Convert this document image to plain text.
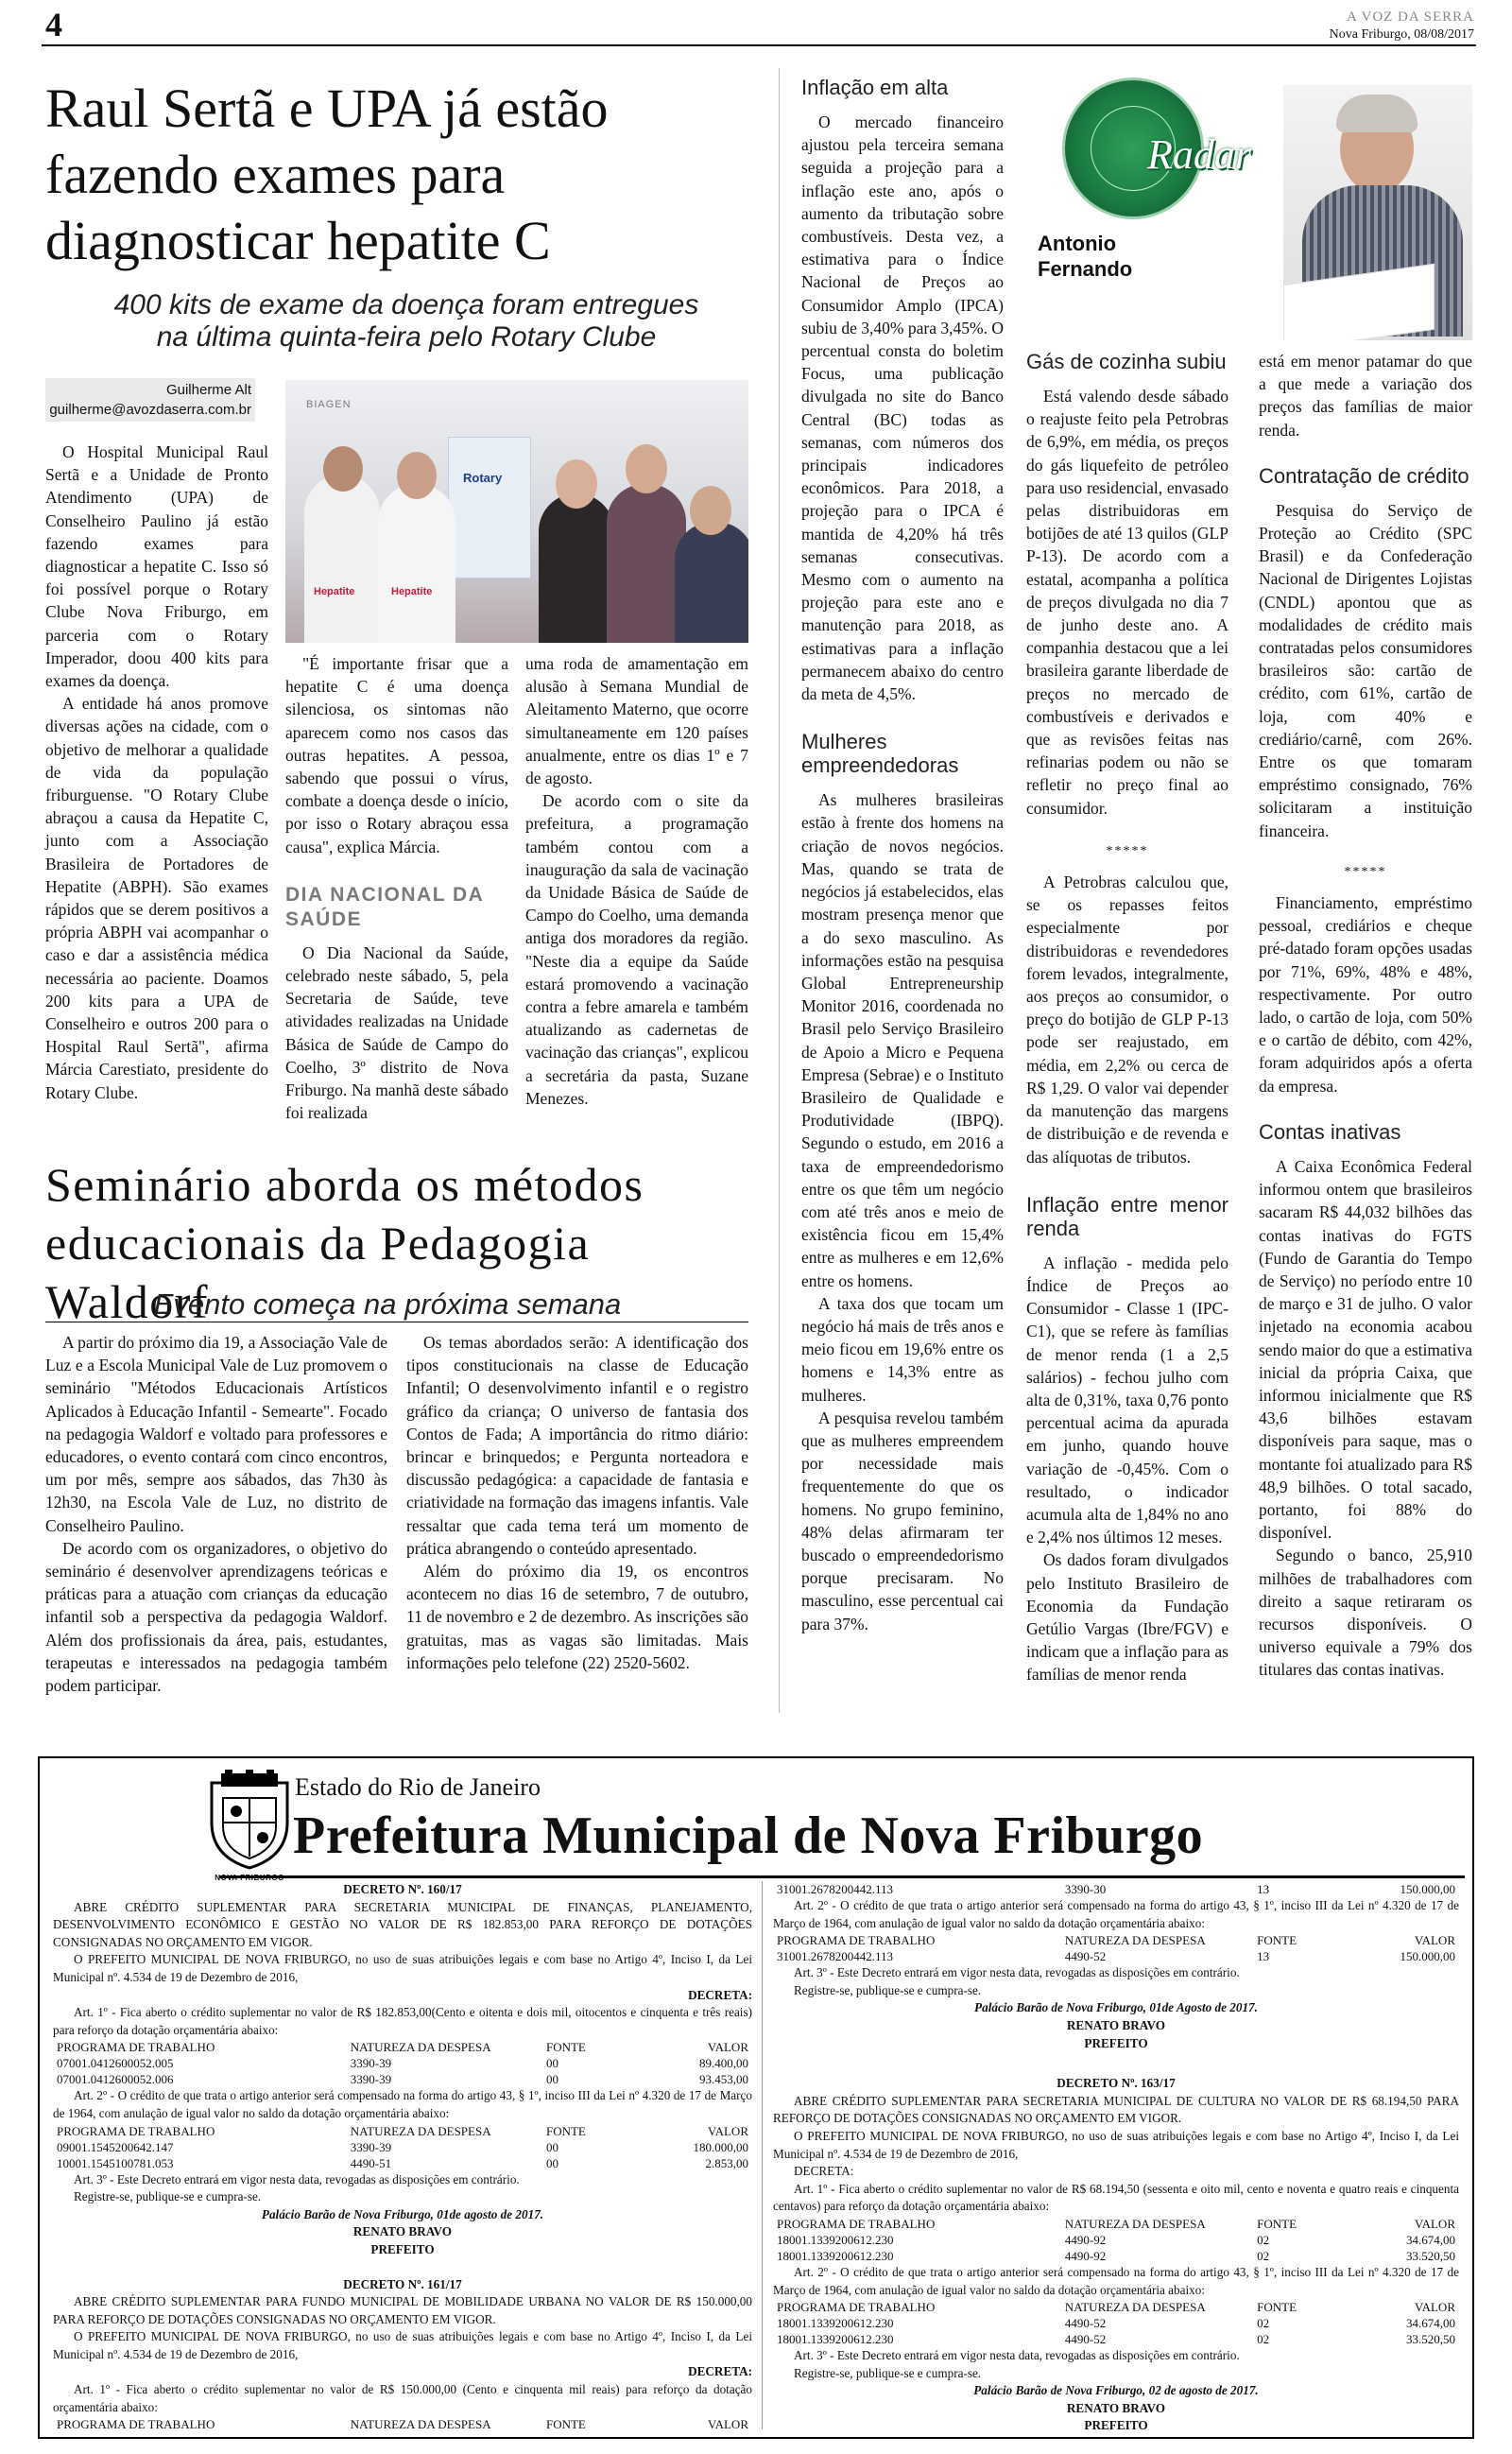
4	A VOZ DA SERRA
Nova Friburgo, 08/08/2017
Raul Sertã e UPA já estão fazendo exames para diagnosticar hepatite C
400 kits de exame da doença foram entregues na última quinta-feira pelo Rotary Clube
Guilherme Alt
guilherme@avozdaserra.com.br

O Hospital Municipal Raul Sertã e a Unidade de Pronto Atendimento (UPA) de Conselheiro Paulino já estão fazendo exames para diagnosticar a hepatite C. Isso só foi possível porque o Rotary Clube Nova Friburgo, em parceria com o Rotary Imperador, doou 400 kits para exames da doença.

A entidade há anos promove diversas ações na cidade, com o objetivo de melhorar a qualidade de vida da população friburguense. "O Rotary Clube abraçou a causa da Hepatite C, junto com a Associação Brasileira de Portadores de Hepatite (ABPH). São exames rápidos que se derem positivos a própria ABPH vai acompanhar o caso e dar a assistência médica necessária ao paciente. Doamos 200 kits para a UPA de Conselheiro e outros 200 para o Hospital Raul Sertã", afirma Márcia Carestiato, presidente do Rotary Clube.

BIAGEN
Rotary
Hepatite	Hepatite

"É importante frisar que a hepatite C é uma doença silenciosa, os sintomas não aparecem como nos casos das outras hepatites. A pessoa, sabendo que possui o vírus, combate a doença desde o início, por isso o Rotary abraçou essa causa", explica Márcia.

DIA NACIONAL DA SAÚDE

O Dia Nacional da Saúde, celebrado neste sábado, 5, pela Secretaria de Saúde, teve atividades realizadas na Unidade Básica de Saúde de Campo do Coelho, 3º distrito de Nova Friburgo. Na manhã deste sábado foi realizada

uma roda de amamentação em alusão à Semana Mundial de Aleitamento Materno, que ocorre simultaneamente em 120 países anualmente, entre os dias 1º e 7 de agosto.

De acordo com o site da prefeitura, a programação também contou com a inauguração da sala de vacinação da Unidade Básica de Saúde de Campo do Coelho, uma demanda antiga dos moradores da região. "Neste dia a equipe da Saúde estará promovendo a vacinação contra a febre amarela e também atualizando as cadernetas de vacinação das crianças", explicou a secretária da pasta, Suzane Menezes.

Seminário aborda os métodos educacionais da Pedagogia Waldorf
Evento começa na próxima semana

A partir do próximo dia 19, a Associação Vale de Luz e a Escola Municipal Vale de Luz promovem o seminário "Métodos Educacionais Artísticos Aplicados à Educação Infantil - Semearte". Focado na pedagogia Waldorf e voltado para professores e educadores, o evento contará com cinco encontros, um por mês, sempre aos sábados, das 7h30 às 12h30, na Escola Vale de Luz, no distrito de Conselheiro Paulino.

De acordo com os organizadores, o objetivo do seminário é desenvolver aprendizagens teóricas e práticas para a atuação com crianças da educação infantil sob a perspectiva da pedagogia Waldorf. Além dos profissionais da área, pais, estudantes, terapeutas e interessados na pedagogia também podem participar.

Os temas abordados serão: A identificação dos tipos constitucionais na classe de Educação Infantil; O desenvolvimento infantil e o registro gráfico da criança; O universo de fantasia dos Contos de Fada; A importância do ritmo diário: brincar e brinquedos; e Pergunta norteadora e discussão pedagógica: a capacidade de fantasia e criatividade na formação das imagens infantis. Vale ressaltar que cada tema terá um momento de prática abrangendo o conteúdo apresentado.

Além do próximo dia 19, os encontros acontecem no dias 16 de setembro, 7 de outubro, 11 de novembro e 2 de dezembro. As inscrições são gratuitas, mas as vagas são limitadas. Mais informações pelo telefone (22) 2520-5602.

Radar
Antonio
Fernando
Inflação em alta

O mercado financeiro ajustou pela terceira semana seguida a projeção para a inflação este ano, após o aumento da tributação sobre combustíveis. Desta vez, a estimativa para o Índice Nacional de Preços ao Consumidor Amplo (IPCA) subiu de 3,40% para 3,45%. O percentual consta do boletim Focus, uma publicação divulgada no site do Banco Central (BC) todas as semanas, com números dos principais indicadores econômicos. Para 2018, a projeção para o IPCA é mantida de 4,20% há três semanas consecutivas. Mesmo com o aumento na projeção para este ano e manutenção para 2018, as estimativas para a inflação permanecem abaixo do centro da meta de 4,5%.

Mulheres empreendedoras

As mulheres brasileiras estão à frente dos homens na criação de novos negócios. Mas, quando se trata de negócios já estabelecidos, elas mostram presença menor que a do sexo masculino. As informações estão na pesquisa Global Entrepreneurship Monitor 2016, coordenada no Brasil pelo Serviço Brasileiro de Apoio a Micro e Pequena Empresa (Sebrae) e o Instituto Brasileiro de Qualidade e Produtividade (IBPQ). Segundo o estudo, em 2016 a taxa de empreendedorismo entre os que têm um negócio com até três anos e meio de existência ficou em 15,4% entre as mulheres e em 12,6% entre os homens.

A taxa dos que tocam um negócio há mais de três anos e meio ficou em 19,6% entre os homens e 14,3% entre as mulheres.

A pesquisa revelou também que as mulheres empreendem por necessidade mais frequentemente do que os homens. No grupo feminino, 48% delas afirmaram ter buscado o empreendedorismo porque precisaram. No masculino, esse percentual cai para 37%.

Gás de cozinha subiu

Está valendo desde sábado o reajuste feito pela Petrobras de 6,9%, em média, os preços do gás liquefeito de petróleo para uso residencial, envasado pelas distribuidoras em botijões de até 13 quilos (GLP P-13). De acordo com a estatal, acompanha a política de preços divulgada no dia 7 de junho deste ano. A companhia destacou que a lei brasileira garante liberdade de preços no mercado de combustíveis e derivados e que as revisões feitas nas refinarias podem ou não se refletir no preço final ao consumidor.

*****

A Petrobras calculou que, se os repasses feitos especialmente por distribuidoras e revendedores forem levados, integralmente, aos preços ao consumidor, o preço do botijão de GLP P-13 pode ser reajustado, em média, em 2,2% ou cerca de R$ 1,29. O valor vai depender da manutenção das margens de distribuição e de revenda e das alíquotas de tributos.

Inflação entre menor renda

A inflação - medida pelo Índice de Preços ao Consumidor - Classe 1 (IPC-C1), que se refere às famílias de menor renda (1 a 2,5 salários) - fechou julho com alta de 0,31%, taxa 0,76 ponto percentual acima da apurada em junho, quando houve variação de -0,45%. Com o resultado, o indicador acumula alta de 1,84% no ano e 2,4% nos últimos 12 meses.

Os dados foram divulgados pelo Instituto Brasileiro de Economia da Fundação Getúlio Vargas (Ibre/FGV) e indicam que a inflação para as famílias de menor renda

está em menor patamar do que a que mede a variação dos preços das famílias de maior renda.

Contratação de crédito

Pesquisa do Serviço de Proteção ao Crédito (SPC Brasil) e da Confederação Nacional de Dirigentes Lojistas (CNDL) apontou que as modalidades de crédito mais contratadas pelos consumidores brasileiros são: cartão de crédito, com 61%, cartão de loja, com 40% e crediário/carnê, com 26%. Entre os que tomaram empréstimo consignado, 76% solicitaram a instituição financeira.

*****

Financiamento, empréstimo pessoal, crediários e cheque pré-datado foram opções usadas por 71%, 69%, 48% e 48%, respectivamente. Por outro lado, o cartão de loja, com 50% e o cartão de débito, com 42%, foram adquiridos após a oferta da empresa.

Contas inativas

A Caixa Econômica Federal informou ontem que brasileiros sacaram R$ 44,032 bilhões das contas inativas do FGTS (Fundo de Garantia do Tempo de Serviço) no período entre 10 de março e 31 de julho. O valor injetado na economia acabou sendo maior do que a estimativa inicial da própria Caixa, que informou inicialmente que R$ 43,6 bilhões estavam disponíveis para saque, mas o montante foi atualizado para R$ 48,9 bilhões. O total sacado, portanto, foi 88% do disponível.

Segundo o banco, 25,910 milhões de trabalhadores com direito a saque retiraram os recursos disponíveis. O universo equivale a 79% dos titulares das contas inativas.

NOVA FRIBURGO
Estado do Rio de Janeiro
Prefeitura Municipal de Nova Friburgo
DECRETO Nº. 160/17
ABRE CRÉDITO SUPLEMENTAR PARA SECRETARIA MUNICIPAL DE FINANÇAS, PLANEJAMENTO, DESENVOLVIMENTO ECONÔMICO E GESTÃO NO VALOR DE R$ 182.853,00 PARA REFORÇO DE DOTAÇÕES CONSIGNADAS NO ORÇAMENTO EM VIGOR.
O PREFEITO MUNICIPAL DE NOVA FRIBURGO, no uso de suas atribuições legais e com base no Artigo 4º, Inciso I, da Lei Municipal nº. 4.534 de 19 de Dezembro de 2016,
DECRETA:
Art. 1º - Fica aberto o crédito suplementar no valor de R$ 182.853,00(Cento e oitenta e dois mil, oitocentos e cinquenta e três reais) para reforço da dotação orçamentária abaixo:
PROGRAMA DE TRABALHO	NATUREZA DA DESPESA	FONTE	VALOR
07001.0412600052.005	3390-39	00	89.400,00
07001.0412600052.006	3390-39	00	93.453,00
Art. 2º - O crédito de que trata o artigo anterior será compensado na forma do artigo 43, § 1º, inciso III da Lei nº 4.320 de 17 de Março de 1964, com anulação de igual valor no saldo da dotação orçamentária abaixo:
PROGRAMA DE TRABALHO	NATUREZA DA DESPESA	FONTE	VALOR
09001.1545200642.147	3390-39	00	180.000,00
10001.1545100781.053	4490-51	00	2.853,00
Art. 3º - Este Decreto entrará em vigor nesta data, revogadas as disposições em contrário.
Registre-se, publique-se e cumpra-se.
Palácio Barão de Nova Friburgo, 01de agosto de 2017.
RENATO BRAVO
PREFEITO
DECRETO Nº. 161/17
ABRE CRÉDITO SUPLEMENTAR PARA FUNDO MUNICIPAL DE MOBILIDADE URBANA NO VALOR DE R$ 150.000,00 PARA REFORÇO DE DOTAÇÕES CONSIGNADAS NO ORÇAMENTO EM VIGOR.
O PREFEITO MUNICIPAL DE NOVA FRIBURGO, no uso de suas atribuições legais e com base no Artigo 4º, Inciso I, da Lei Municipal nº. 4.534 de 19 de Dezembro de 2016,
DECRETA:
Art. 1º - Fica aberto o crédito suplementar no valor de R$ 150.000,00 (Cento e cinquenta mil reais) para reforço da dotação orçamentária abaixo:
PROGRAMA DE TRABALHO	NATUREZA DA DESPESA	FONTE	VALOR
31001.2678200442.113	3390-30	13	150.000,00
Art. 2º - O crédito de que trata o artigo anterior será compensado na forma do artigo 43, § 1º, inciso III da Lei nº 4.320 de 17 de Março de 1964, com anulação de igual valor no saldo da dotação orçamentária abaixo:
PROGRAMA DE TRABALHO	NATUREZA DA DESPESA	FONTE	VALOR
31001.2678200442.113	4490-52	13	150.000,00
Art. 3º - Este Decreto entrará em vigor nesta data, revogadas as disposições em contrário.
Registre-se, publique-se e cumpra-se.
Palácio Barão de Nova Friburgo, 01de Agosto de 2017.
RENATO BRAVO
PREFEITO
DECRETO Nº. 163/17
ABRE CRÉDITO SUPLEMENTAR PARA SECRETARIA MUNICIPAL DE CULTURA NO VALOR DE R$ 68.194,50 PARA REFORÇO DE DOTAÇÕES CONSIGNADAS NO ORÇAMENTO EM VIGOR.
O PREFEITO MUNICIPAL DE NOVA FRIBURGO, no uso de suas atribuições legais e com base no Artigo 4º, Inciso I, da Lei Municipal nº. 4.534 de 19 de Dezembro de 2016,
DECRETA:
Art. 1º - Fica aberto o crédito suplementar no valor de R$ 68.194,50 (sessenta e oito mil, cento e noventa e quatro reais e cinquenta centavos) para reforço da dotação orçamentária abaixo:
PROGRAMA DE TRABALHO	NATUREZA DA DESPESA	FONTE	VALOR
18001.1339200612.230	4490-92	02	34.674,00
18001.1339200612.230	4490-92	02	33.520,50
Art. 2º - O crédito de que trata o artigo anterior será compensado na forma do artigo 43, § 1º, inciso III da Lei nº 4.320 de 17 de Março de 1964, com anulação de igual valor no saldo da dotação orçamentária abaixo:
PROGRAMA DE TRABALHO	NATUREZA DA DESPESA	FONTE	VALOR
18001.1339200612.230	4490-52	02	34.674,00
18001.1339200612.230	4490-52	02	33.520,50
Art. 3º - Este Decreto entrará em vigor nesta data, revogadas as disposições em contrário.
Registre-se, publique-se e cumpra-se.
Palácio Barão de Nova Friburgo, 02 de agosto de 2017.
RENATO BRAVO
PREFEITO
